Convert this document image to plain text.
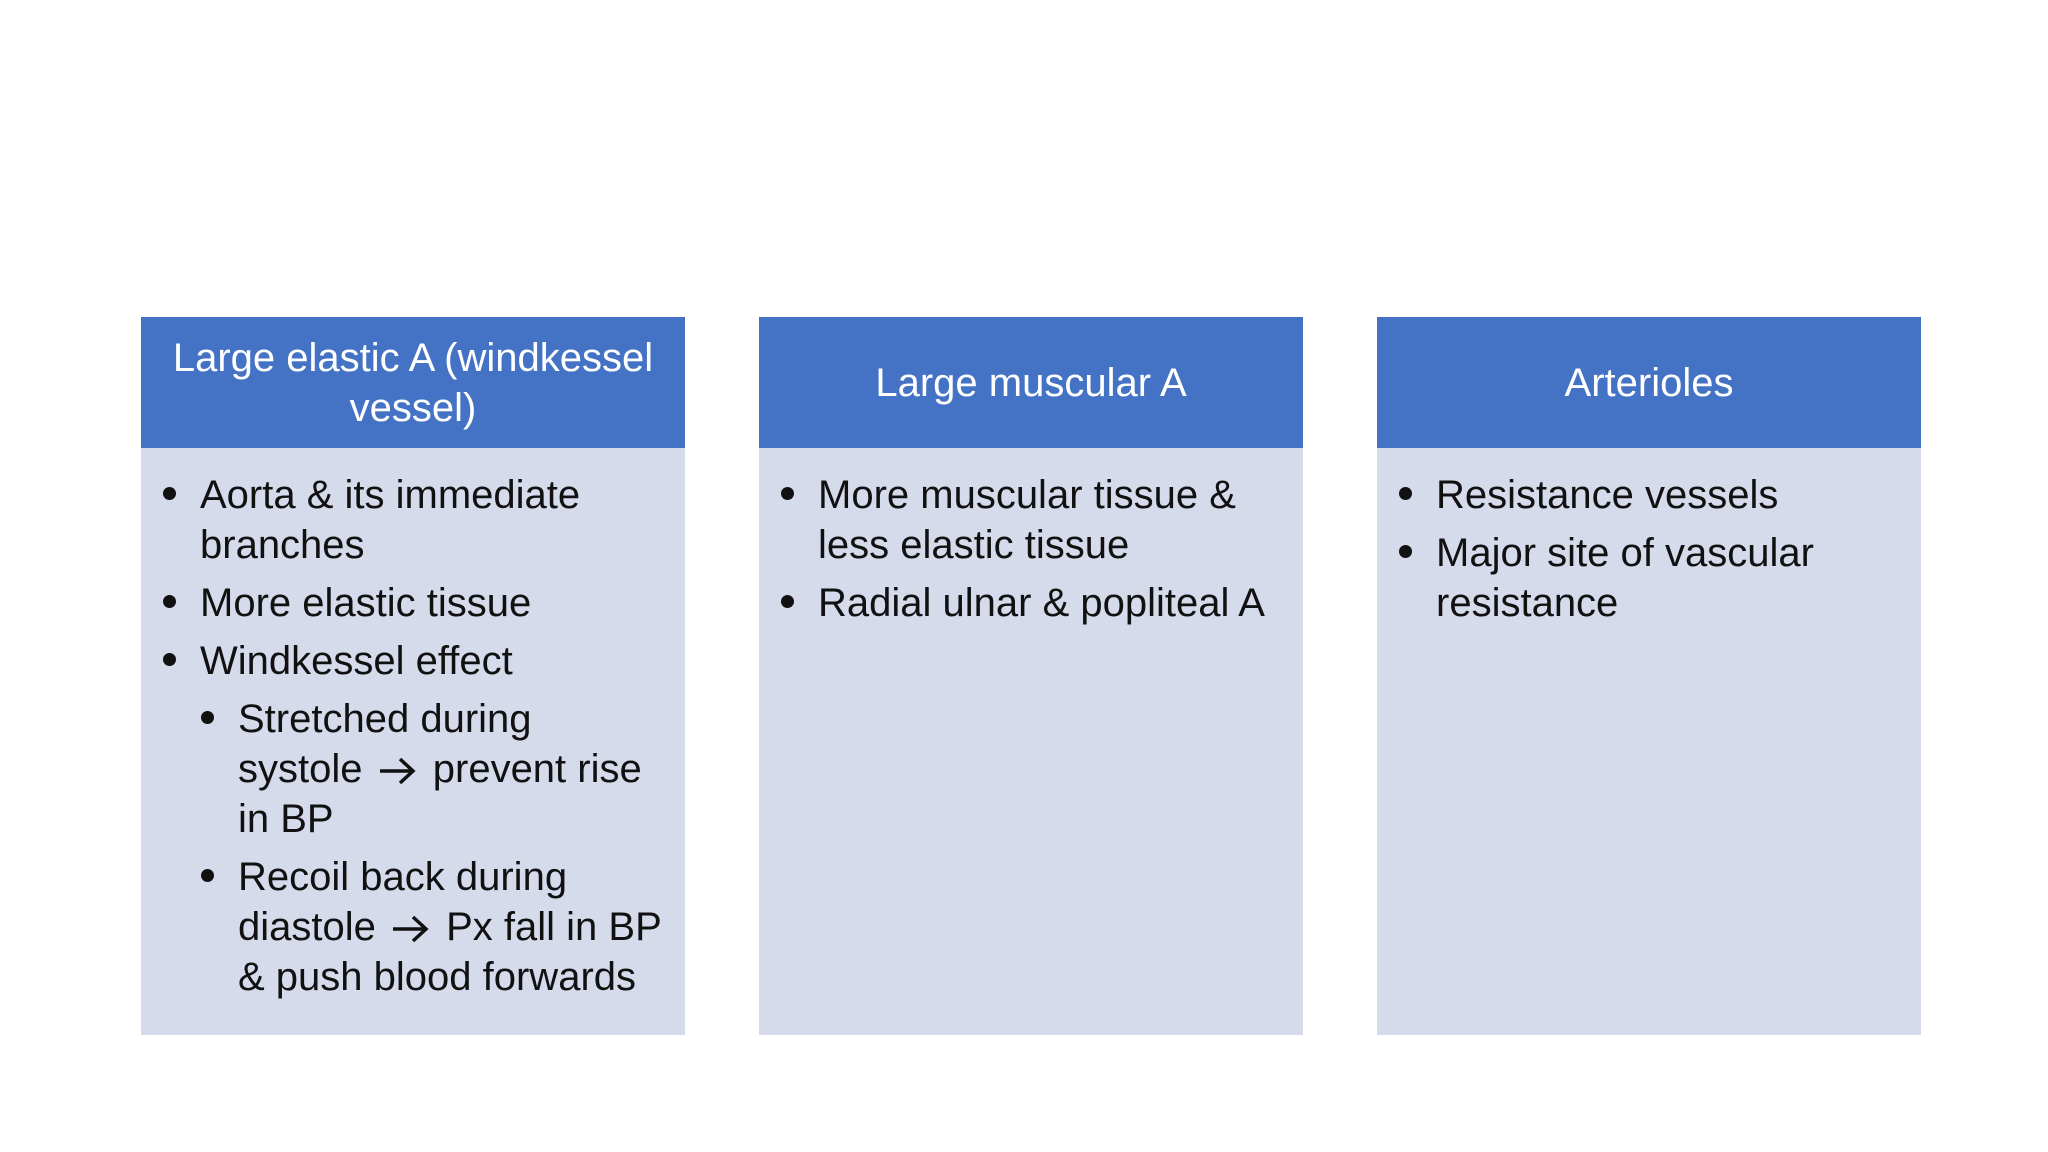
Large elastic A (windkessel vessel)
Aorta & its immediate branches
More elastic tissue
Windkessel effect
Stretched during systole prevent rise in BP
Recoil back during diastole Px fall in BP & push blood forwards
Large muscular A
More muscular tissue & less elastic tissue
Radial ulnar & popliteal A
Arterioles
Resistance vessels
Major site of vascular resistance
